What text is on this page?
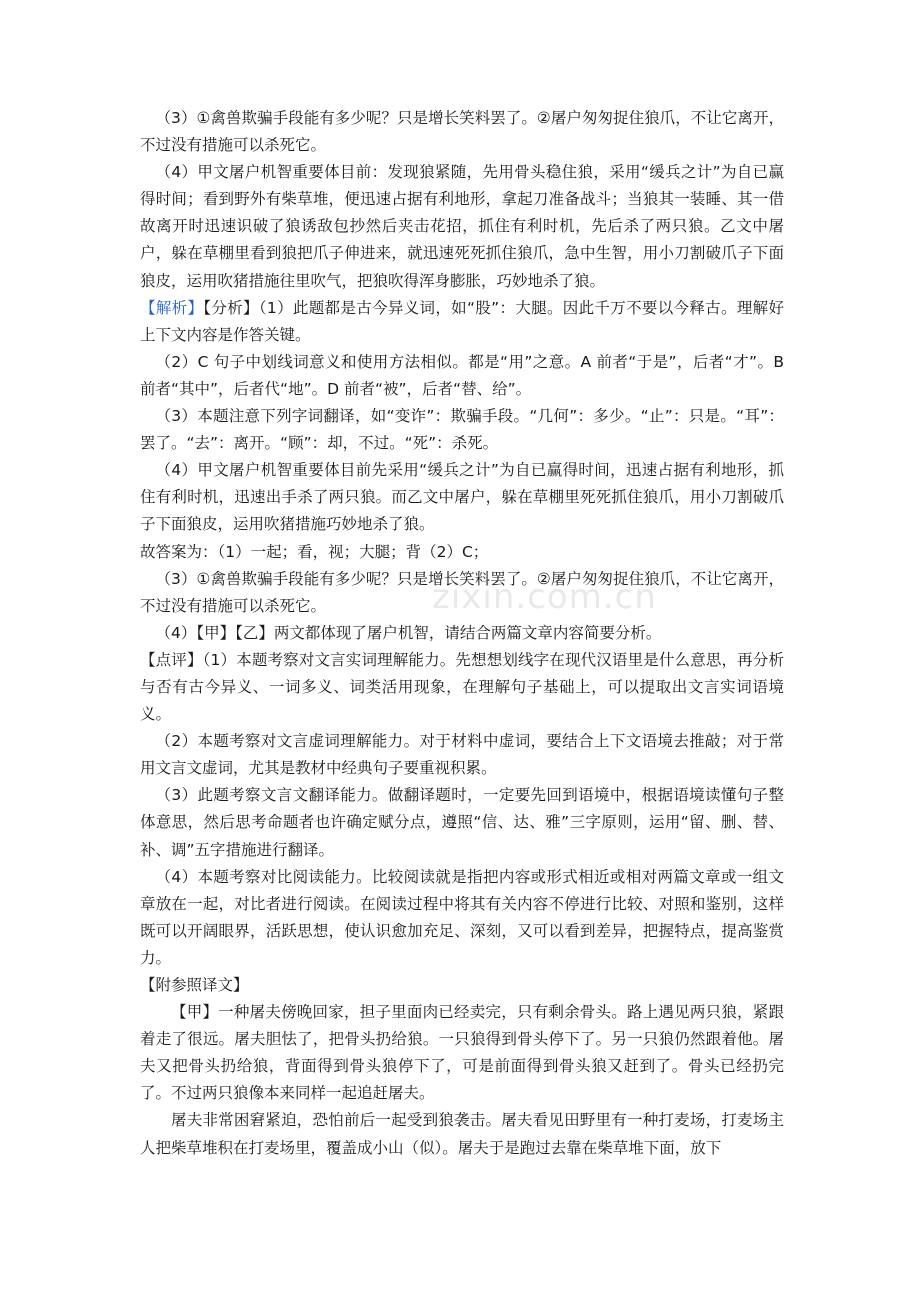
zixin.com.cn

（3）①禽兽欺骗手段能有多少呢？只是增长笑料罢了。②屠户匆匆捉住狼爪，不让它离开，不过没有措施可以杀死它。

（4）甲文屠户机智重要体目前：发现狼紧随，先用骨头稳住狼，采用“缓兵之计”为自已赢得时间；看到野外有柴草堆，便迅速占据有利地形，拿起刀准备战斗；当狼其一装睡、其一借故离开时迅速识破了狼诱敌包抄然后夹击花招，抓住有利时机，先后杀了两只狼。乙文中屠户，躲在草棚里看到狼把爪子伸进来，就迅速死死抓住狼爪，急中生智，用小刀割破爪子下面狼皮，运用吹猪措施往里吹气，把狼吹得浑身膨胀，巧妙地杀了狼。

【解析】【分析】（1）此题都是古今异义词，如“股”：大腿。因此千万不要以今释古。理解好上下文内容是作答关键。

（2）C 句子中划线词意义和使用方法相似。都是“用”之意。A 前者“于是”，后者“才”。B 前者“其中”，后者代“地”。D 前者“被”，后者“替、给”。

（3）本题注意下列字词翻译，如“变诈”：欺骗手段。“几何”：多少。“止”：只是。“耳”：罢了。“去”：离开。“顾”：却，不过。“死”：杀死。

（4）甲文屠户机智重要体目前先采用“缓兵之计”为自已赢得时间，迅速占据有利地形，抓住有利时机，迅速出手杀了两只狼。而乙文中屠户，躲在草棚里死死抓住狼爪，用小刀割破爪子下面狼皮，运用吹猪措施巧妙地杀了狼。

故答案为：（1）一起；看，视；大腿；背（2）C；

（3）①禽兽欺骗手段能有多少呢？只是增长笑料罢了。②屠户匆匆捉住狼爪，不让它离开，不过没有措施可以杀死它。

（4）【甲】【乙】两文都体现了屠户机智，请结合两篇文章内容简要分析。

【点评】（1）本题考察对文言实词理解能力。先想想划线字在现代汉语里是什么意思，再分析与否有古今异义、一词多义、词类活用现象，在理解句子基础上，可以提取出文言实词语境义。

（2）本题考察对文言虚词理解能力。对于材料中虚词，要结合上下文语境去推敲；对于常用文言文虚词，尤其是教材中经典句子要重视积累。

（3）此题考察文言文翻译能力。做翻译题时，一定要先回到语境中，根据语境读懂句子整体意思，然后思考命题者也许确定赋分点，遵照“信、达、雅”三字原则，运用“留、删、替、补、调”五字措施进行翻译。

（4）本题考察对比阅读能力。比较阅读就是指把内容或形式相近或相对两篇文章或一组文章放在一起，对比者进行阅读。在阅读过程中将其有关内容不停进行比较、对照和鉴别，这样既可以开阔眼界，活跃思想，使认识愈加充足、深刻，又可以看到差异，把握特点，提高鉴赏力。

【附参照译文】

【甲】一种屠夫傍晚回家，担子里面肉已经卖完，只有剩余骨头。路上遇见两只狼，紧跟着走了很远。屠夫胆怯了，把骨头扔给狼。一只狼得到骨头停下了。另一只狼仍然跟着他。屠夫又把骨头扔给狼，背面得到骨头狼停下了，可是前面得到骨头狼又赶到了。骨头已经扔完了。不过两只狼像本来同样一起追赶屠夫。

屠夫非常困窘紧迫，恐怕前后一起受到狼袭击。屠夫看见田野里有一种打麦场，打麦场主人把柴草堆积在打麦场里，覆盖成小山（似）。屠夫于是跑过去靠在柴草堆下面，放下
